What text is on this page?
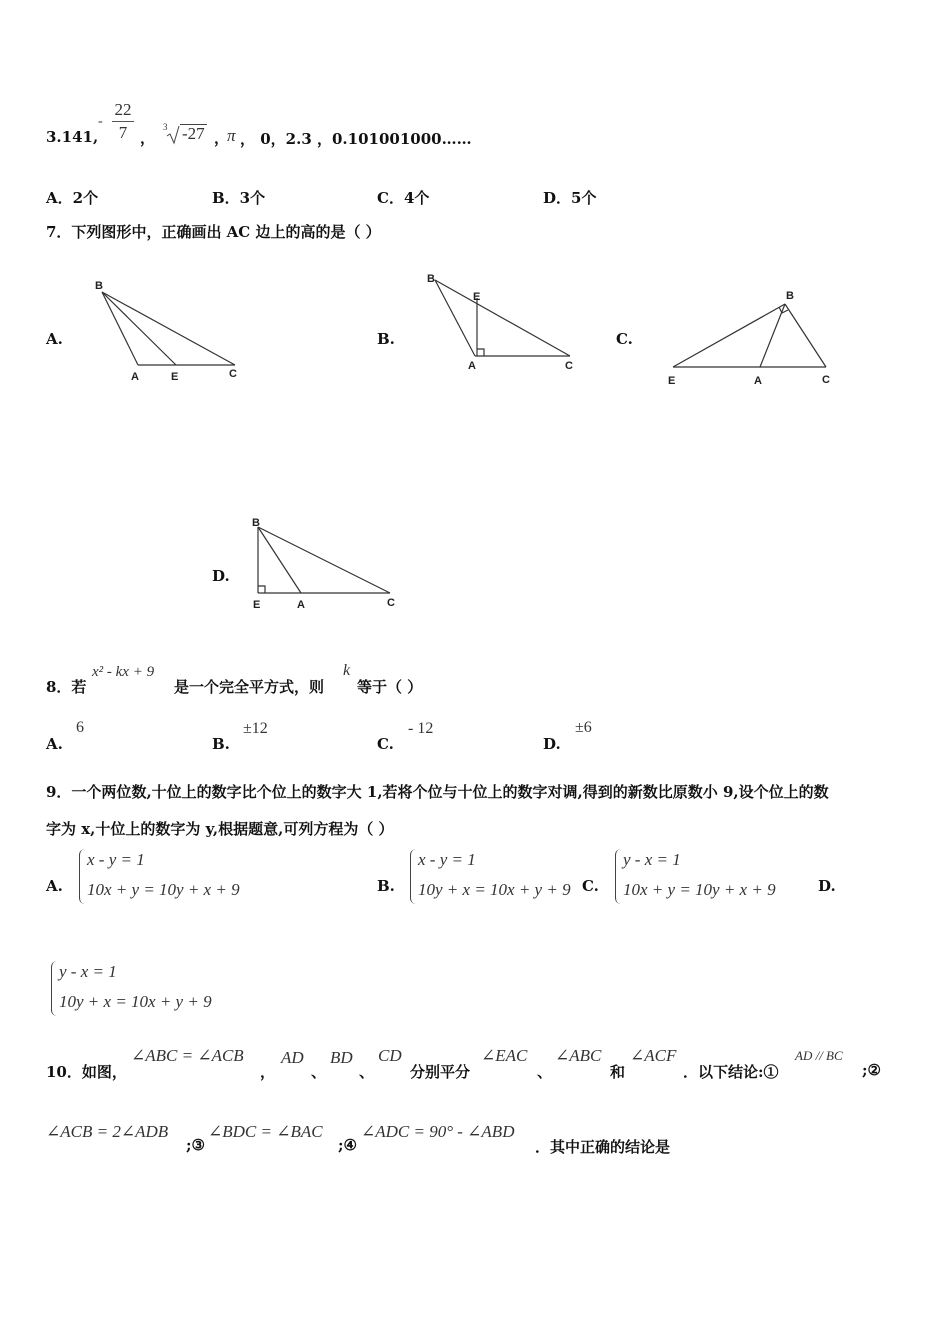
3.141,
-
22
7 ，
3 -27 ，
π ， 0，2.3 ，0.101001000……
A．2个	B．3个	C．4个	D．5个
7．下列图形中，正确画出 AC 边上的高的是（ ）
A.
B
A	E	C
B.
B
E
A	C
C.
B
E	A	C
D.
B
E	A	C
8．若
x² - kx + 9
是一个完全平方式，则
k
等于（ ）
A.
6
B.
±12
C.
- 12
D.
±6
9．一个两位数,十位上的数字比个位上的数字大 1,若将个位与十位上的数字对调,得到的新数比原数小 9,设个位上的数
字为 x,十位上的数字为 y,根据题意,可列方程为（ ）
A.
x - y = 1
10x + y = 10y + x + 9	B.
x - y = 1
10y + x = 10x + y + 9 C.
y - x = 1
10x + y = 10y + x + 9	D.
y - x = 1
10y + x = 10x + y + 9
10．如图，
∠ABC = ∠ACB
，
AD
、
BD
、
CD
分别平分
∠EAC
、
∠ABC
和
∠ACF
．以下结论:①
AD // BC
;②
∠ACB = 2∠ADB
;③
∠BDC = ∠BAC
;④
∠ADC = 90° - ∠ABD
．其中正确的结论是
